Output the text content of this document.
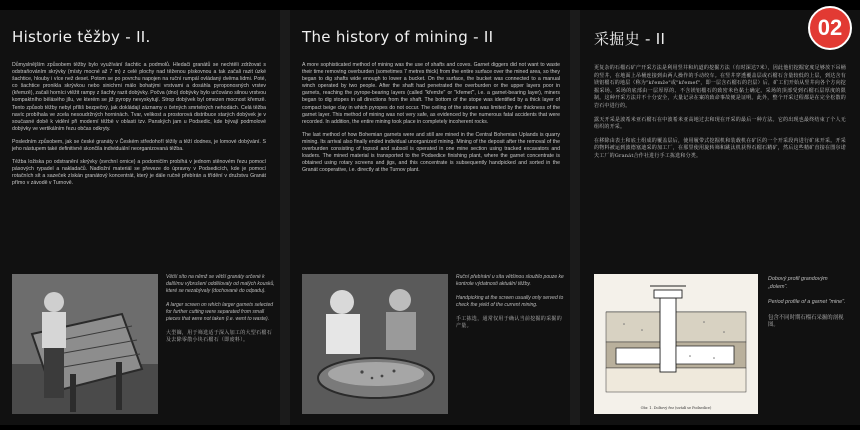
Historie těžby - II.

Důmyslnějším způsobem těžby bylo využívání šachtic a podmolů. Hledači granátů se nechtěli zdržovat s odstraňováním skrývky (místy mocné až 7 m) z celé plochy nad těženou pískovnou a tak začali razit úzké šachtice, hlouby i více než deset. Potom se po povrchu napojen na ruční rumpál ovládaný dvěma lidmi. Poté, co šachtice pronikla skrývkou nebo sinichrni málo bohatými vrstvami a dosáhla pyroponosných vrstev (křemzě), začali horníci vtěžit rampy z šachty razit dobývky. Počva (dno) dobývky bylo určováno silnou vrstvou kompaktního bělásého jílu, ve kterém se již pyropy nevyskytují. Strop dobývek byl omezen mocnost křemzě. Tento způsob těžby nebyl příliš bezpečný, jak dokládají záznamy o četných smrtelných nehodách. Celá těžba navíc probíhala ve zcela nesoudržných horninách. Tvar, velikost a prostorová distribuce starých dobývek je v současné době k vidění při moderní těžbě v oblasti tzv. Panských jam u Podsedic, kde bývají podmolové dobývky ve vertikálním řezu občas odkryty.

Posledním způsobem, jak se české granáty v Českém středohoří těžily a těží dodnes, je lomové dobývání. S jeho nástupem také definitivně skončila individuální neorganizovaná těžba.

Těžba ložiska po odstranění skrývky (svrchní ornice) a podorničím probíhá v jednom stěnovém řezu pomocí pásových rypadel a nakladačů. Nadložní materiál se převeze do úpravny v Podsedicích, kde je pomocí rotačních sít a sazeček získán granátový koncentrát, který je dále ručně přebírán a třídění v družstvu Granát přímo v závodě v Turnově.

Větší síto na němž se větší granáty určené k dalšímu výbrušení oddělovaly od malých kousků, které se nezabývaly (dochované do odpadu).

A larger screen on which larger garnets selected for further cutting were separated from small pieces that were not taken (i.e. went to waste).

大型篩，用于筛选适于深入加工的大型石榴石及去除零散小块石榴石（即废料）。

The history of mining - II

A more sophisticated method of mining was the use of shafts and coves. Garnet diggers did not want to waste their time removing overburden (sometimes 7 metres thick) from the entire surface over the mined area, so they began to dig shafts wide enough to lower a bucket. On the surface, the bucket was connected to a manual winch operated by two people. After the shaft had penetrated the overburden or the upper layers poor in garnets, reaching the pyrope-bearing layers (called "křemže" or "křemeť", i.e. a garnet-bearing layer), miners began to dig stopes in all directions from the shaft. The bottom of the stope was identified by a thick layer of compact beige clay in which pyropes do not occur. The ceiling of the stopes was limited by the thickness of the garnet layer. This method of mining was not very safe, as evidenced by the numerous fatal accidents that were recorded. In addition, the entire mining took place in completely incoherent rocks.

The last method of how Bohemian garnets were and still are mined in the Central Bohemian Uplands is quarry mining. Its arrival also finally ended individual unorganized mining. Mining of the deposit after the removal of the overburden consisting of topsoil and subsoil is operated in one mine section using tracked excavators and loaders. The mined material is transported to the Podsedice finishing plant, where the garnet concentrate is obtained using rotary screens and jigs, and this concentrate is subsequently handpicked and sorted in the Granát cooperative, i.e. directly at the Turnov plant.

Ruční přebírání u síta většinou sloužilo pouze ke kontrole výdatnosti aktuální těžby.

Handpicking at the screen usually only served to check the yield of the current mining.

手工拣选，通常仅用于确认当前挖掘的采掘的产量。

采掘史 - II

更复杂的石榴石矿产开采方法是利用竖井和坑道的挖掘方法（有时深达7米），因此他们挖掘宽度足够放下吊桶的竖井，在地面上吊桶连接到由两人操作的手动绞车。在竖井穿透覆盖层或石榴石含量较低的上层，到达含有镁铝榴石的地层（称为"křemže"或"křemeť"，即一层含石榴石的岩层）后，矿工们开始从竖井向各个方向挖掘采场。采场的底部由一层厚厚的、不含镁铝榴石的致密米色黏土确定。采场的顶部受到石榴石层厚度的限制。这种开采方法并不十分安全，大量记录在案的致命事故便是证明。此外，整个开采过程都是在完全松散的岩石中进行的。

露天开采是波希米亚石榴石在中波希米亚高地过去和现在开采的最后一种方法。它的出现也最终结束了个人无组织的开采。

在移除由表土和底土组成的覆盖层后，使用履带式挖掘机和装载机在矿区的一个开采段内进行矿床开采。开采的物料被运到波德塞迪采的加工厂，在那里使用旋转筛和跳汰机获得石榴石精矿，然后这些精矿直接在图尔诺夫工厂的Granát合作社进行手工拣选和分类。

Obr. 1. Doltový řez (uvádí se Podsedice)

Dobový profil grandovým „dolem“.

Period profile of a garnet "mine".

包含不同时期石榴石采掘的剖视图。

02
